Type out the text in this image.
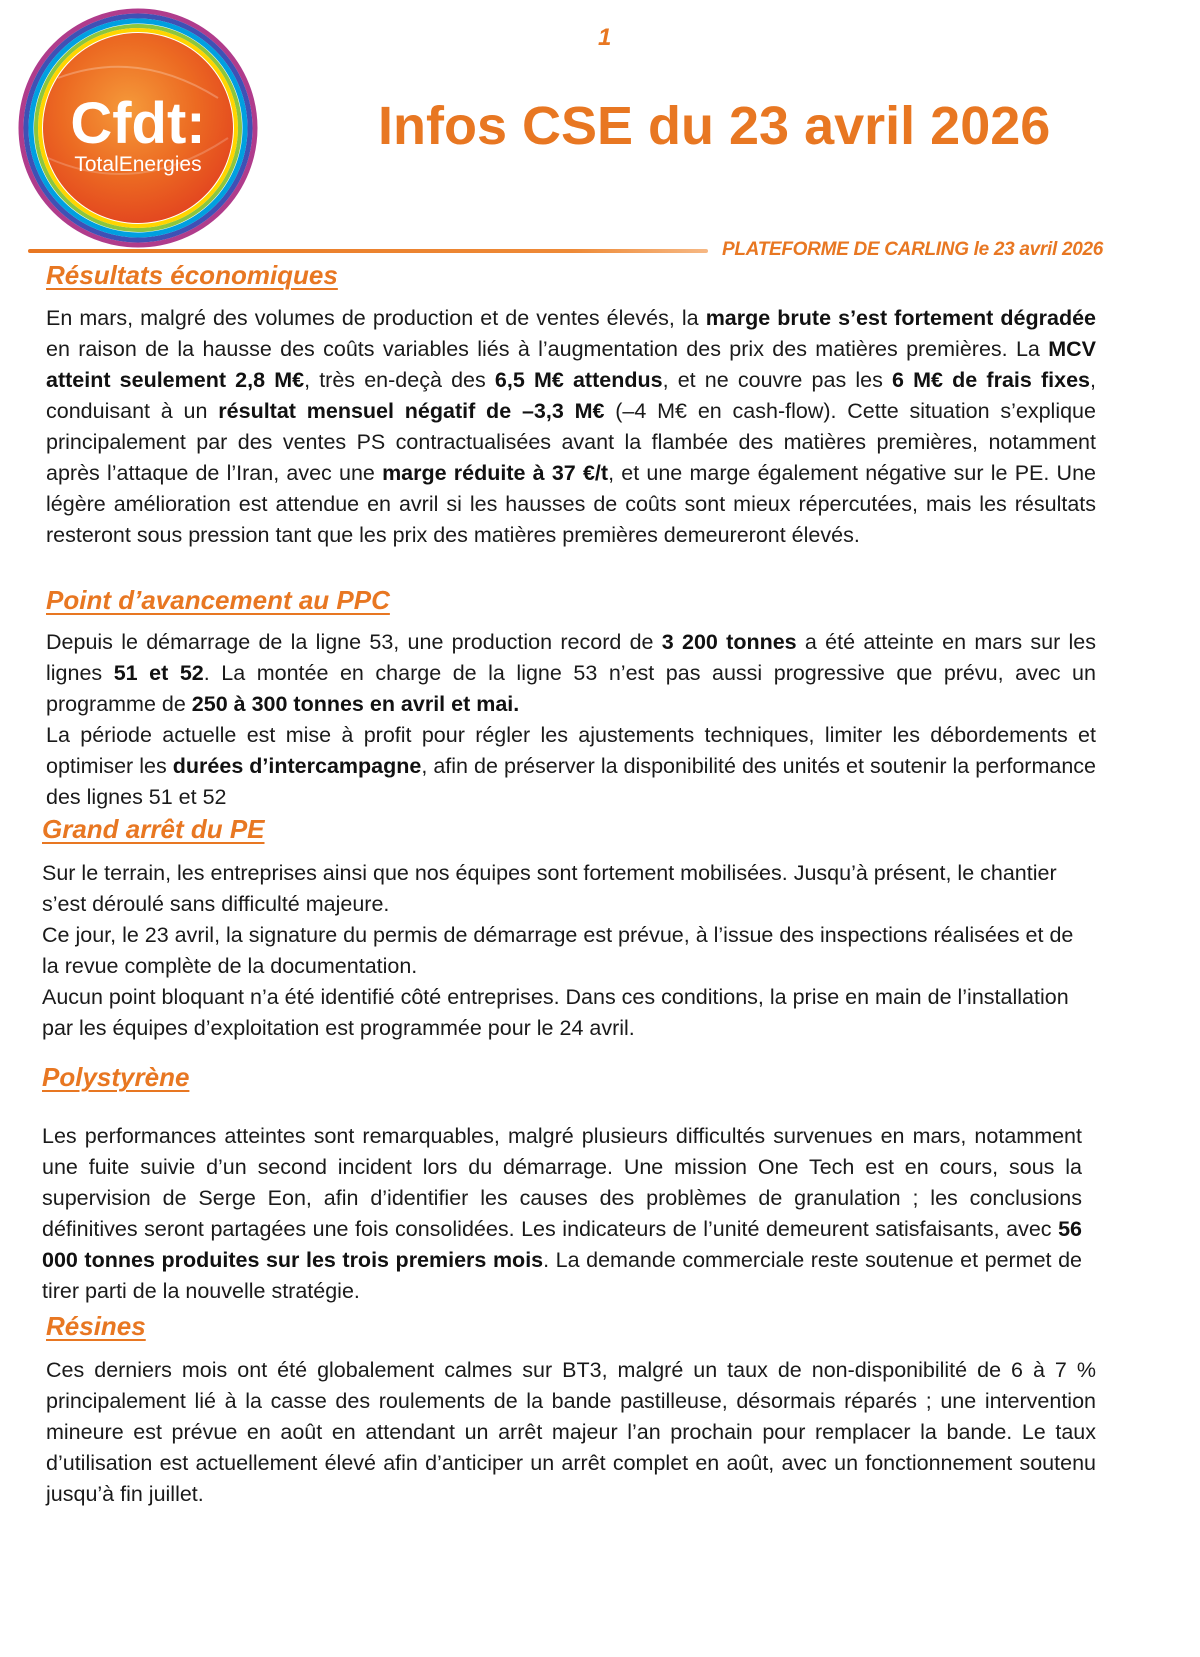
Cfdt:
TotalEnergies
1
Infos CSE du 23 avril 2026
PLATEFORME DE CARLING le 23 avril 2026
Résultats économiques

En mars, malgré des volumes de production et de ventes élevés, la marge brute s’est fortement dégradée en raison de la hausse des coûts variables liés à l’augmentation des prix des matières premières. La MCV atteint seulement 2,8 M€, très en-deçà des 6,5 M€ attendus, et ne couvre pas les 6 M€ de frais fixes, conduisant à un résultat mensuel négatif de –3,3 M€ (–4 M€ en cash-flow). Cette situation s’explique principalement par des ventes PS contractualisées avant la flambée des matières premières, notamment après l’attaque de l’Iran, avec une marge réduite à 37 €/t, et une marge également négative sur le PE. Une légère amélioration est attendue en avril si les hausses de coûts sont mieux répercutées, mais les résultats resteront sous pression tant que les prix des matières premières demeureront élevés.

Point d’avancement au PPC

Depuis le démarrage de la ligne 53, une production record de 3 200 tonnes a été atteinte en mars sur les lignes 51 et 52. La montée en charge de la ligne 53 n’est pas aussi progressive que prévu, avec un programme de 250 à 300 tonnes en avril et mai.

La période actuelle est mise à profit pour régler les ajustements techniques, limiter les débordements et optimiser les durées d’intercampagne, afin de préserver la disponibilité des unités et soutenir la performance des lignes 51 et 52

Grand arrêt du PE

Sur le terrain, les entreprises ainsi que nos équipes sont fortement mobilisées. Jusqu’à présent, le chantier s’est déroulé sans difficulté majeure.

Ce jour, le 23 avril, la signature du permis de démarrage est prévue, à l’issue des inspections réalisées et de la revue complète de la documentation.

Aucun point bloquant n’a été identifié côté entreprises. Dans ces conditions, la prise en main de l’installation par les équipes d’exploitation est programmée pour le 24 avril.

Polystyrène

Les performances atteintes sont remarquables, malgré plusieurs difficultés survenues en mars, notamment une fuite suivie d’un second incident lors du démarrage. Une mission One Tech est en cours, sous la supervision de Serge Eon, afin d’identifier les causes des problèmes de granulation ; les conclusions définitives seront partagées une fois consolidées. Les indicateurs de l’unité demeurent satisfaisants, avec 56 000 tonnes produites sur les trois premiers mois. La demande commerciale reste soutenue et permet de tirer parti de la nouvelle stratégie.

Résines

Ces derniers mois ont été globalement calmes sur BT3, malgré un taux de non-disponibilité de 6 à 7 % principalement lié à la casse des roulements de la bande pastilleuse, désormais réparés ; une intervention mineure est prévue en août en attendant un arrêt majeur l’an prochain pour remplacer la bande. Le taux d’utilisation est actuellement élevé afin d’anticiper un arrêt complet en août, avec un fonctionnement soutenu jusqu’à fin juillet.
